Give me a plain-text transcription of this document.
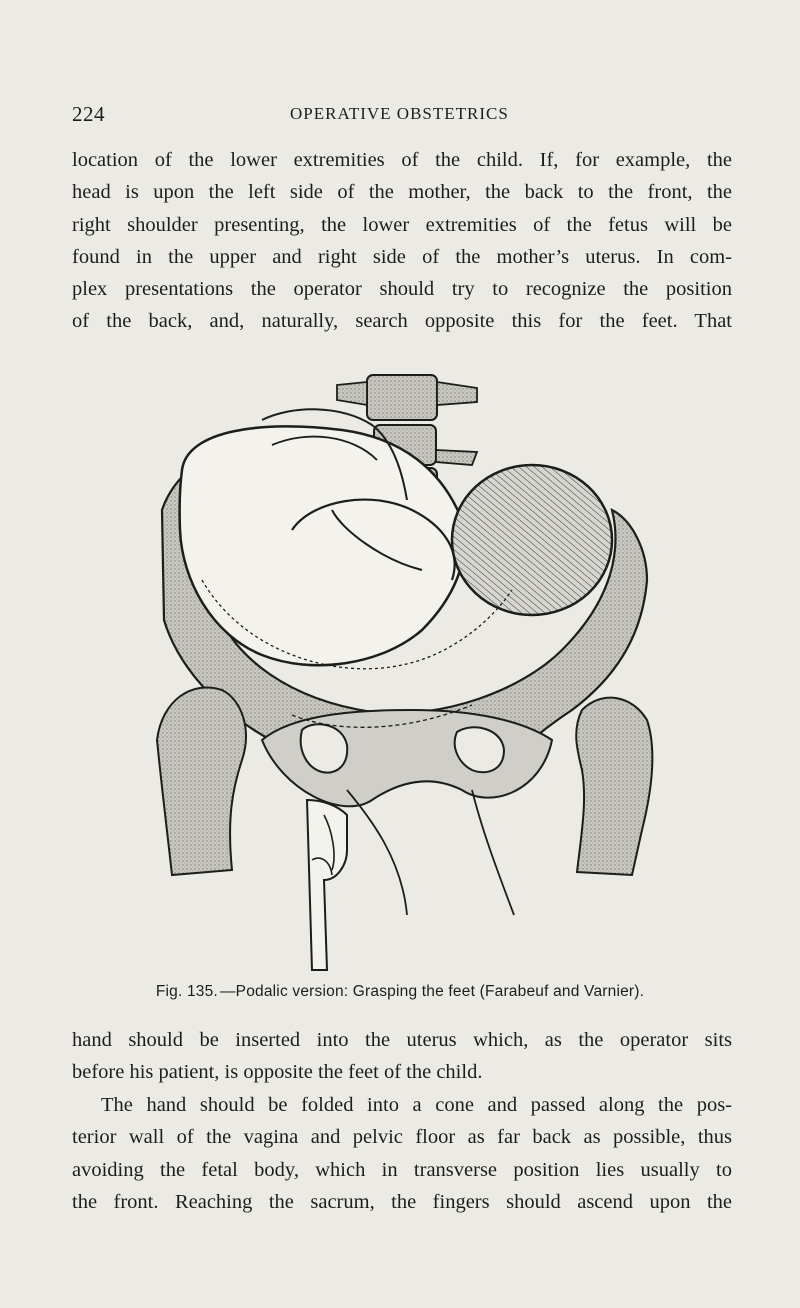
224	OPERATIVE OBSTETRICS

location of the lower extremities of the child. If, for example, the
head is upon the left side of the mother, the back to the front, the
right shoulder presenting, the lower extremities of the fetus will be
found in the upper and right side of the mother’s uterus. In com-
plex presentations the operator should try to recognize the position
of the back, and, naturally, search opposite this for the feet. That

Fig. 135. —Podalic version: Grasping the feet (Farabeuf and Varnier).

hand should be inserted into the uterus which, as the operator sits
before his patient, is opposite the feet of the child.

The hand should be folded into a cone and passed along the pos-
terior wall of the vagina and pelvic floor as far back as possible, thus
avoiding the fetal body, which in transverse position lies usually to
the front. Reaching the sacrum, the fingers should ascend upon the
